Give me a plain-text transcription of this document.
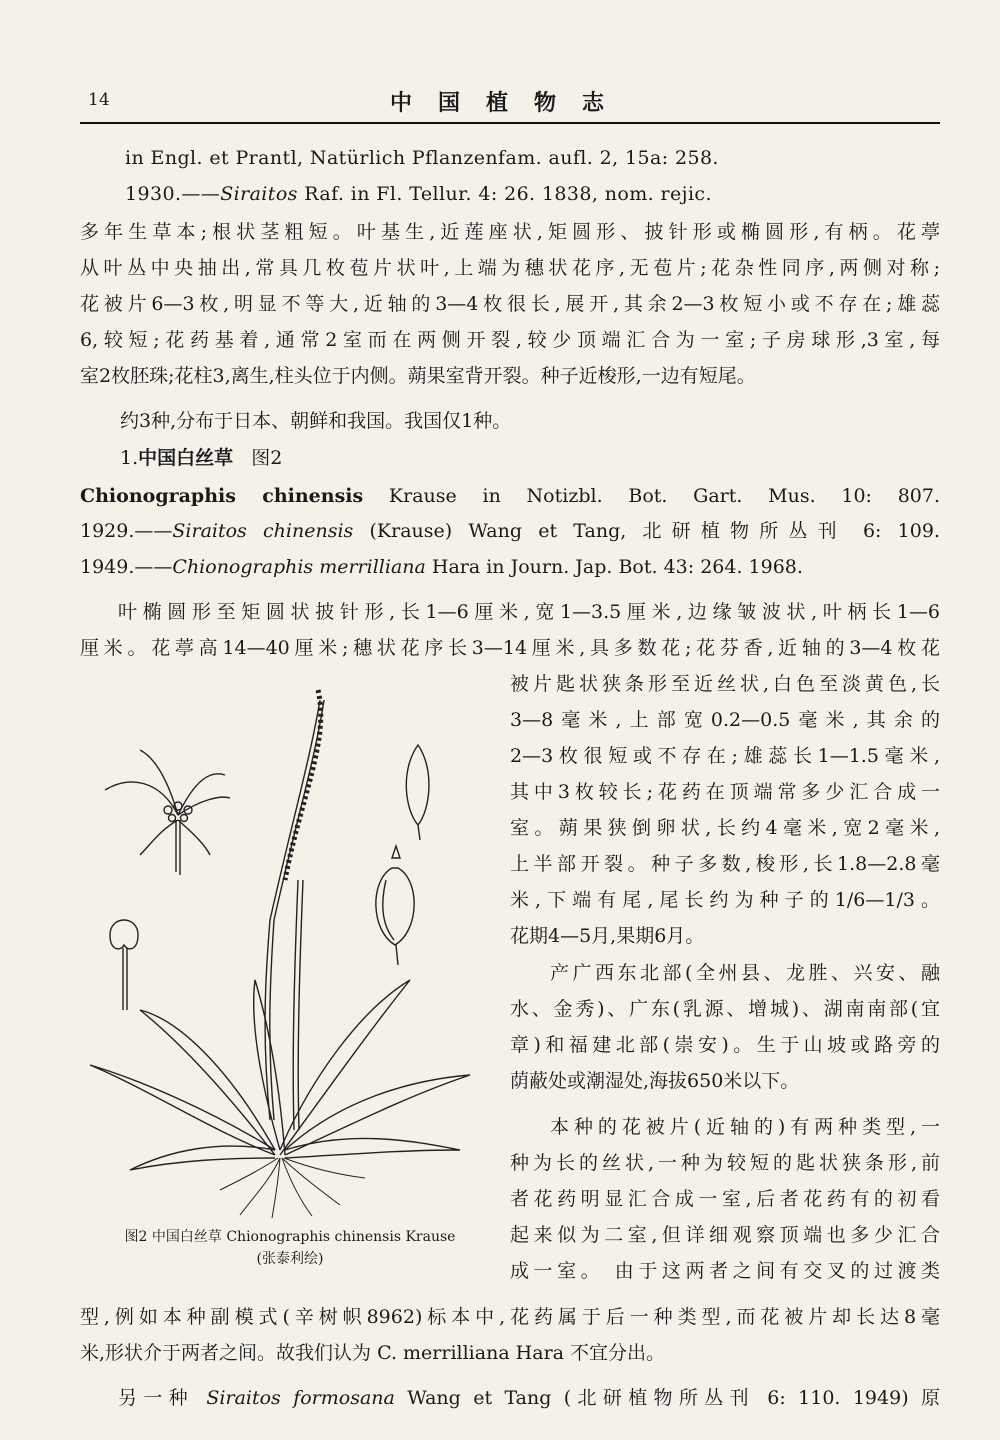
14	中国植物志
in Engl. et Prantl, Natürlich Pflanzenfam. aufl. 2, 15a: 258.
1930.——Siraitos Raf. in Fl. Tellur. 4: 26. 1838, nom. rejic.
多年生草本;根状茎粗短。叶基生,近莲座状,矩圆形、披针形或椭圆形,有柄。花葶
从叶丛中央抽出,常具几枚苞片状叶,上端为穗状花序,无苞片;花杂性同序,两侧对称;
花被片6—3枚,明显不等大,近轴的3—4枚很长,展开,其余2—3枚短小或不存在;雄蕊
6,较短;花药基着,通常2室而在两侧开裂,较少顶端汇合为一室;子房球形,3室,每
室2枚胚珠;花柱3,离生,柱头位于内侧。蒴果室背开裂。种子近梭形,一边有短尾。
约3种,分布于日本、朝鲜和我国。我国仅1种。
1.中国白丝草 图2
Chionographis chinensis Krause in Notizbl. Bot. Gart. Mus. 10: 807.
1929.——Siraitos chinensis (Krause) Wang et Tang, 北研植物所丛刊 6: 109.
1949.——Chionographis merrilliana Hara in Journ. Jap. Bot. 43: 264. 1968.
叶椭圆形至矩圆状披针形,长1—6厘米,宽1—3.5厘米,边缘皱波状,叶柄长1—6
厘米。花葶高14—40厘米;穗状花序长3—14厘米,具多数花;花芬香,近轴的3—4枚花
被片匙状狭条形至近丝状,白色至淡黄色,长
3—8毫米,上部宽0.2—0.5毫米,其余的
2—3枚很短或不存在;雄蕊长1—1.5毫米,
其中3枚较长;花药在顶端常多少汇合成一
室。蒴果狭倒卵状,长约4毫米,宽2毫米,
上半部开裂。种子多数,梭形,长1.8—2.8毫
米,下端有尾,尾长约为种子的1/6—1/3。
花期4—5月,果期6月。
产广西东北部(全州县、龙胜、兴安、融
水、金秀)、广东(乳源、增城)、湖南南部(宜
章)和福建北部(崇安)。生于山坡或路旁的
荫蔽处或潮湿处,海拔650米以下。
本种的花被片(近轴的)有两种类型,一
种为长的丝状,一种为较短的匙状狭条形,前
者花药明显汇合成一室,后者花药有的初看
起来似为二室,但详细观察顶端也多少汇合
成一室。 由于这两者之间有交叉的过渡类
型,例如本种副模式(辛树帜8962)标本中,花药属于后一种类型,而花被片却长达8毫
米,形状介于两者之间。故我们认为 C. merrilliana Hara 不宜分出。
另一种 Siraitos formosana Wang et Tang (北研植物所丛刊 6: 110. 1949) 原
图2 中国白丝草 Chionographis chinensis Krause
(张泰利绘)
